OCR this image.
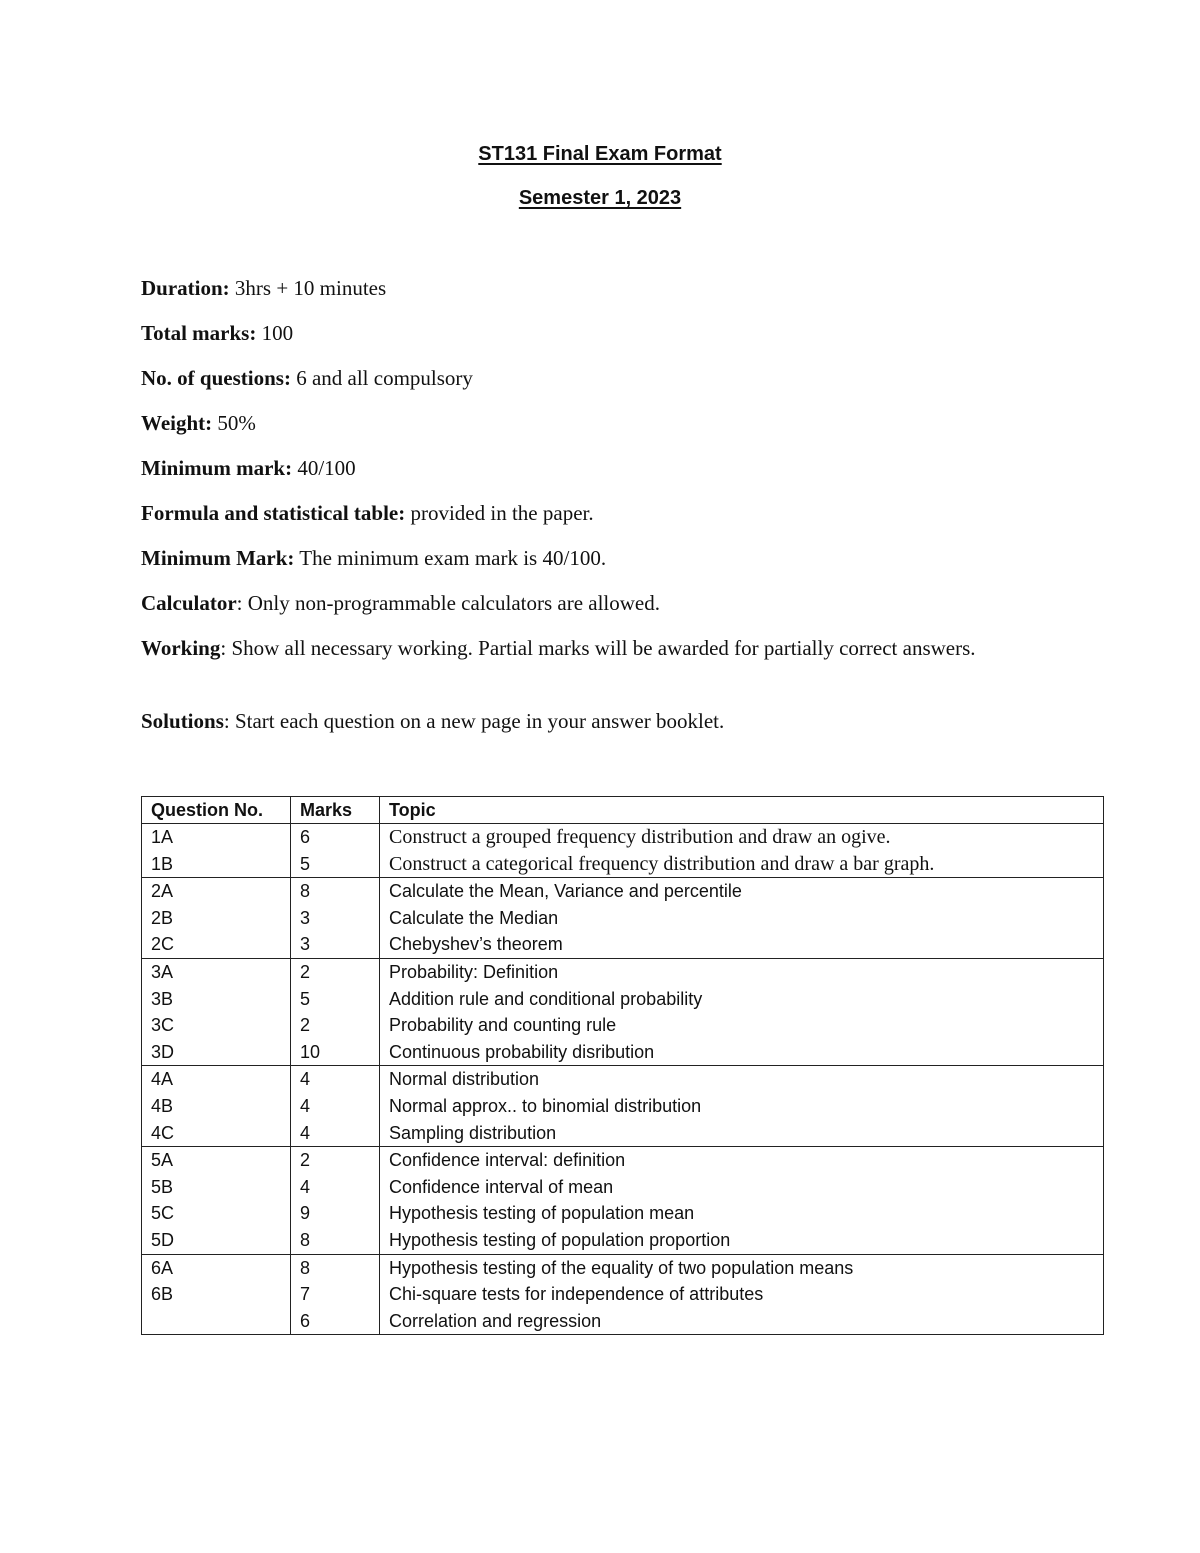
ST131 Final Exam Format
Semester 1, 2023
Duration: 3hrs + 10 minutes
Total marks: 100
No. of questions: 6 and all compulsory
Weight: 50%
Minimum mark: 40/100
Formula and statistical table: provided in the paper.
Minimum Mark: The minimum exam mark is 40/100.
Calculator: Only non-programmable calculators are allowed.
Working: Show all necessary working. Partial marks will be awarded for partially correct answers.
Solutions: Start each question on a new page in your answer booklet.
Question No.	Marks	Topic
1A	6	Construct a grouped frequency distribution and draw an ogive.
1B	5	Construct a categorical frequency distribution and draw a bar graph.
2A	8	Calculate the Mean, Variance and percentile
2B	3	Calculate the Median
2C	3	Chebyshev’s theorem
3A	2	Probability: Definition
3B	5	Addition rule and conditional probability
3C	2	Probability and counting rule
3D	10	Continuous probability disribution
4A	4	Normal distribution
4B	4	Normal approx.. to binomial distribution
4C	4	Sampling distribution
5A	2	Confidence interval: definition
5B	4	Confidence interval of mean
5C	9	Hypothesis testing of population mean
5D	8	Hypothesis testing of population proportion
6A	8	Hypothesis testing of the equality of two population means
6B	7	Chi-square tests for independence of attributes
	6	Correlation and regression
